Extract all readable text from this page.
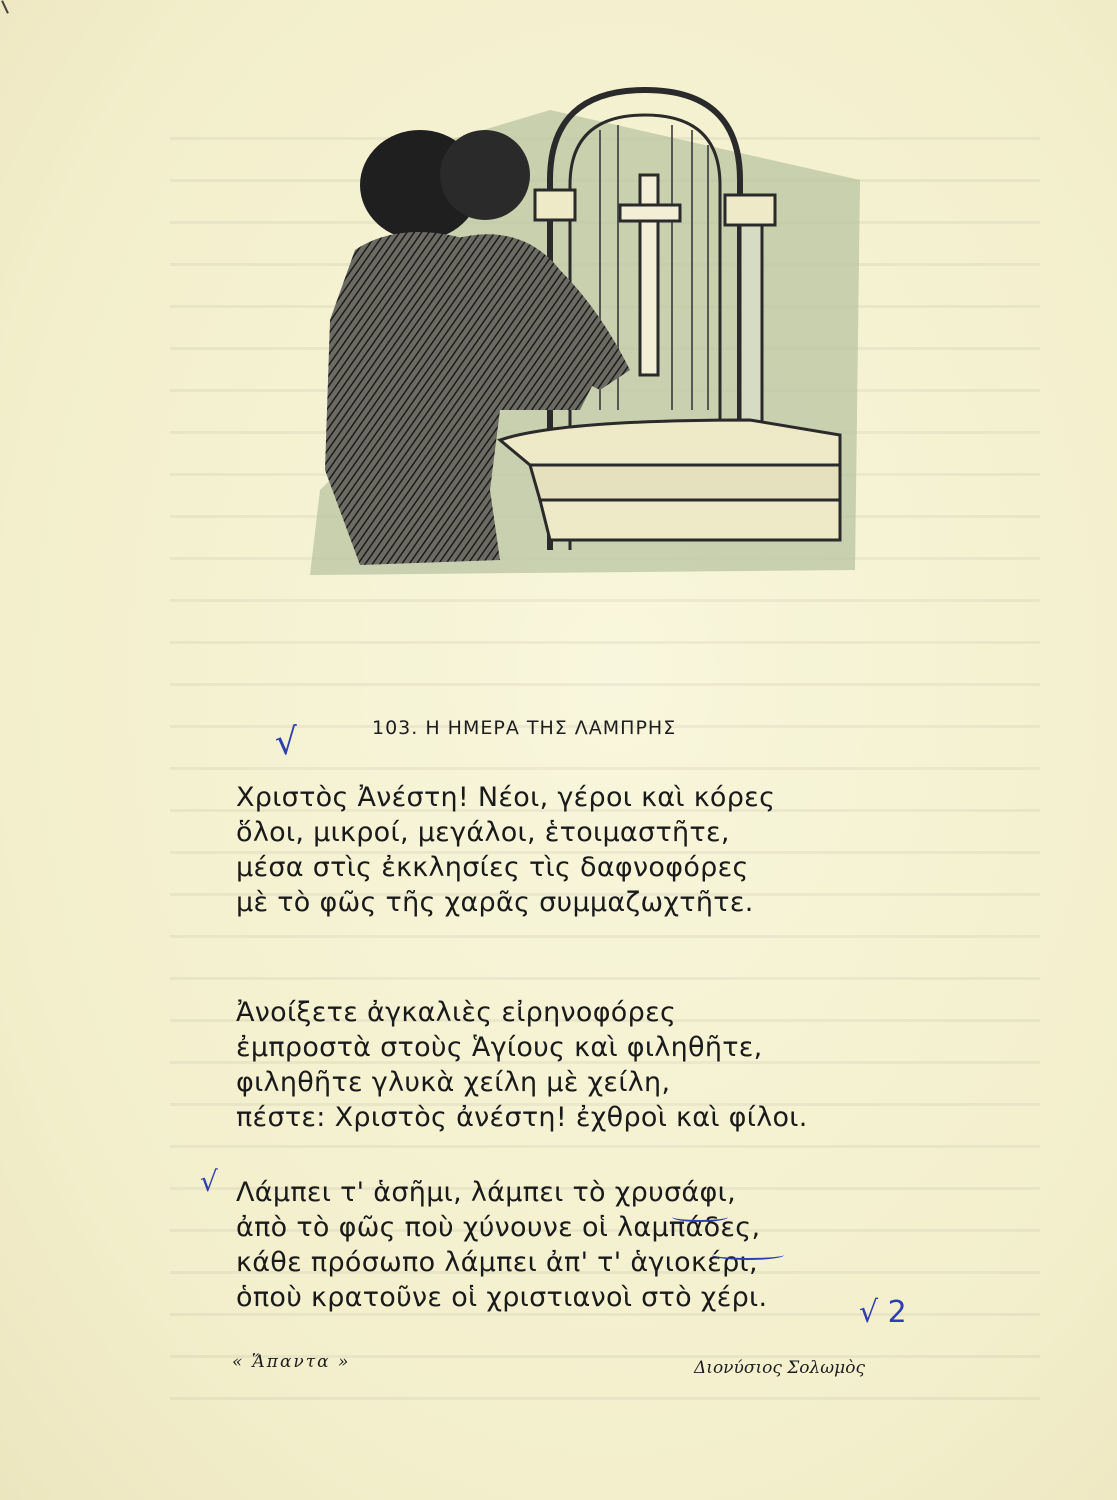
103. Η ΗΜΕΡΑ ΤΗΣ ΛΑΜΠΡΗΣ
Χριστὸς Ἀνέστη! Νέοι, γέροι καὶ κόρες
ὅλοι, μικροί, μεγάλοι, ἑτοιμαστῆτε,
μέσα στὶς ἐκκλησίες τὶς δαφνοφόρες
μὲ τὸ φῶς τῆς χαρᾶς συμμαζωχτῆτε.
Ἀνοίξετε ἀγκαλιὲς εἰρηνοφόρες
ἐμπροστὰ στοὺς Ἁγίους καὶ φιληθῆτε,
φιληθῆτε γλυκὰ χείλη μὲ χείλη,
πέστε: Χριστὸς ἀνέστη! ἐχθροὶ καὶ φίλοι.
Λάμπει τ' ἁσῆμι, λάμπει τὸ χρυσάφι,
ἀπὸ τὸ φῶς ποὺ χύνουνε οἱ λαμπάδες,
κάθε πρόσωπο λάμπει ἀπ' τ' ἁγιοκέρι,
ὁποὺ κρατοῦνε οἱ χριστιανοὶ στὸ χέρι.
√
√
√ 2
« Ἅπαντα »	Διονύσιος Σολωμὸς
